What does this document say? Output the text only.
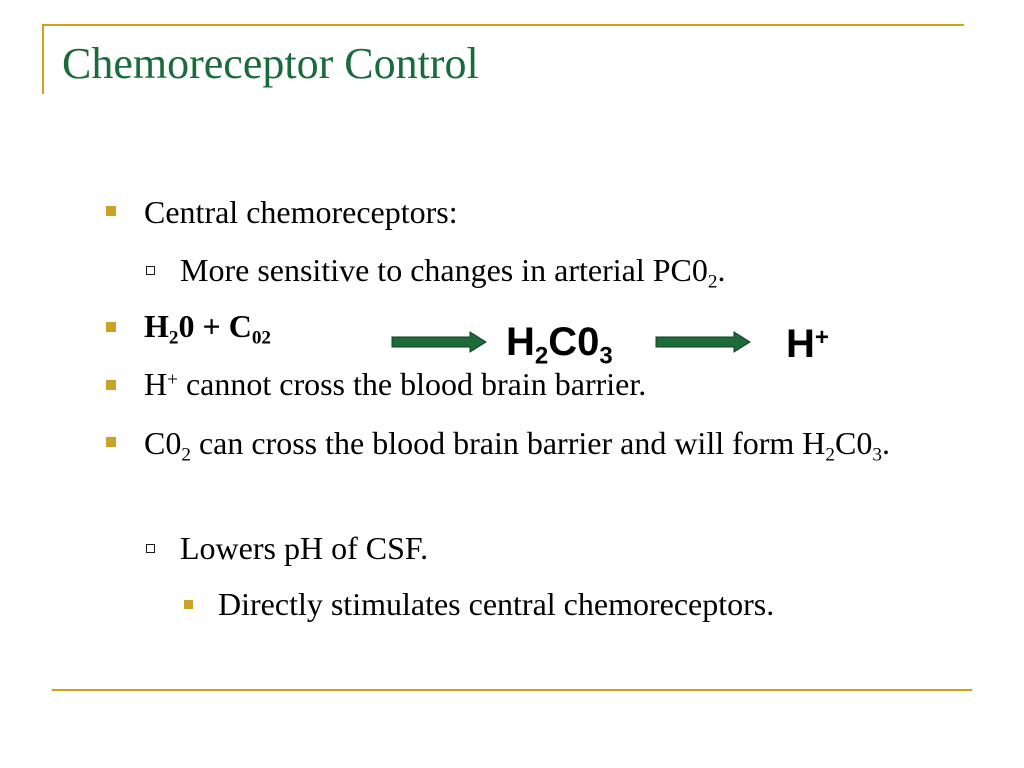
Chemoreceptor Control
Central chemoreceptors:
More sensitive to changes in arterial $PC0_2$.
$H_20 + C_{02}$	$H_2C0_3$	H+
H+ cannot cross the blood brain barrier.
$C0_2$ can cross the blood brain barrier and will form $H_2C0_3$.
Lowers pH of CSF.
Directly stimulates central chemoreceptors.
